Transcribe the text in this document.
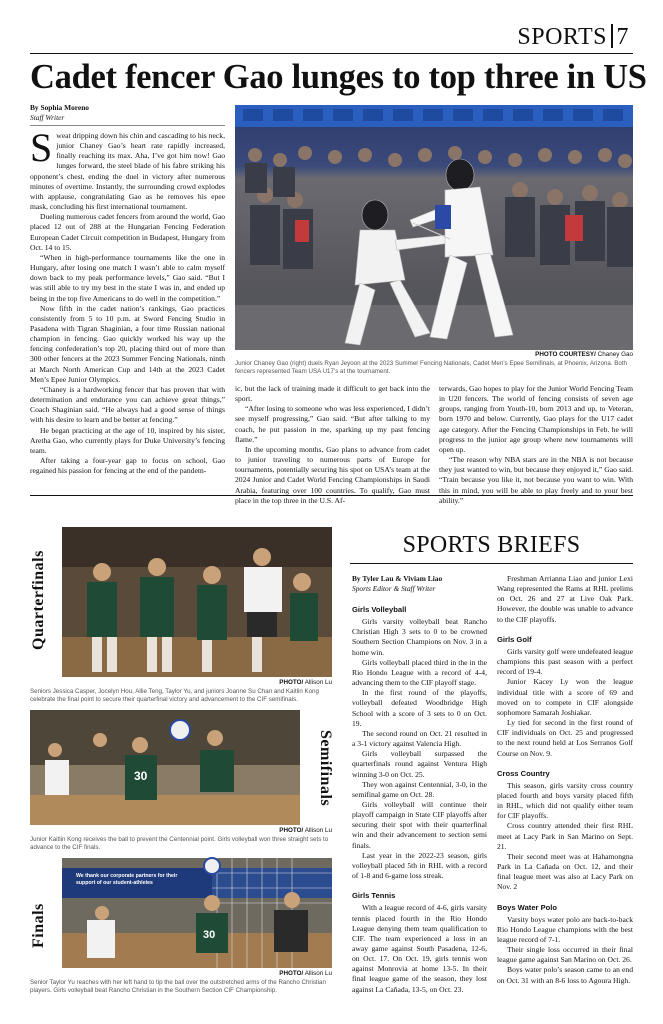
SPORTS 7
Cadet fencer Gao lunges to top three in US
By Sophia Moreno
Staff Writer

Sweat dripping down his chin and cascading to his neck, junior Chaney Gao’s heart rate rapidly increased, finally reaching its max. Aha, I’ve got him now! Gao lunges forward, the steel blade of his fabre striking his opponent’s chest, ending the duel in victory after numerous minutes of overtime. Instantly, the surrounding crowd explodes with applause, congratulating Gao as he removes his epee mask, concluding his first international tournament.

Dueling numerous cadet fencers from around the world, Gao placed 12 out of 288 at the Hungarian Fencing Federation European Cadet Circuit competition in Budapest, Hungary from Oct. 14 to 15.

“When in high-performance tournaments like the one in Hungary, after losing one match I wasn’t able to calm myself down back to my peak performance levels,” Gao said. “But I was still able to try my best in the state I was in, and ended up being in the top five Americans to do well in the competition.”

Now fifth in the cadet nation’s rankings, Gao practices consistently from 5 to 10 p.m. at Sword Fencing Studio in Pasadena with Tigran Shaginian, a four time Russian national champion in fencing. Gao quickly worked his way up the fencing confederation’s top 20, placing third out of more than 300 other fencers at the 2023 Summer Fencing Nationals, ninth at March North American Cup and 14th at the 2023 Cadet Men’s Epee Junior Olympics.

“Chaney is a hardworking fencer that has proven that with determination and endurance you can achieve great things,” Coach Shaginian said. “He always had a good sense of things with his desire to learn and be better at fencing.”

He began practicing at the age of 10, inspired by his sister, Aretha Gao, who currently plays for Duke University’s fencing team.

After taking a four-year gap to focus on school, Gao regained his passion for fencing at the end of the pandem-

PHOTO COURTESY/ Chaney Gao
Junior Chaney Gao (right) duels Ryan Jeyoon at the 2023 Summer Fencing Nationals, Cadet Men’s Epee Semifinals, at Phoenix, Arizona. Both fencers represented Team USA U17’s at the tournament.

ic, but the lack of training made it difficult to get back into the sport.

“After losing to someone who was less experienced, I didn’t see myself progressing,” Gao said. “But after talking to my coach, he put passion in me, sparking up my past fencing flame.”

In the upcoming months, Gao plans to advance from cadet to junior traveling to numerous parts of Europe for tournaments, potentially securing his spot on USA’s team at the 2024 Junior and Cadet World Fencing Championships in Saudi Arabia, featuring over 100 countries. To qualify, Gao must place in the top three in the U.S. Af-

terwards, Gao hopes to play for the Junior World Fencing Team in U20 fencers. The world of fencing consists of seven age groups, ranging from Youth-10, born 2013 and up, to Veteran, born 1970 and below. Currently, Gao plays for the U17 cadet age category. After the Fencing Championships in Feb. he will progress to the junior age group where new tournaments will open up.

“The reason why NBA stars are in the NBA is not because they just wanted to win, but because they enjoyed it,” Gao said. “Train because you like it, not because you want to win. With this in mind, you will be able to play freely and to your best ability.”

Quarterfinals
PHOTO/ Allison Lu
Seniors Jessica Casper, Jocelyn Hou, Allie Teng, Taylor Yu, and juniors Joanne Su Chan and Kaitlin Kong celebrate the final point to secure their quarterfinal victory and advancement to the CIF semifinals.
30	Semifinals
PHOTO/ Allison Lu
Junior Kaitlin Kong receives the ball to prevent the Centennial point. Girls volleyball won three straight sets to advance to the CIF finals.
Finals	30
We thank our corporate partners for their support of our student-athletes
PHOTO/ Allison Lu
Senior Taylor Yu reaches with her left hand to tip the ball over the outstretched arms of the Rancho Christian players. Girls volleyball beat Rancho Christian in the Southern Section CIF Championship.
SPORTS BRIEFS
By Tyler Lau & Viviam Liao
Sports Editor & Staff Writer
Girls Volleyball

Girls varsity volleyball beat Rancho Christian High 3 sets to 0 to be crowned Southern Section Champions on Nov. 3 in a home win.

Girls volleyball placed third in the in the Rio Hondo League with a record of 4-4, advancing them to the CIF playoff stage.

In the first round of the playoffs, volleyball defeated Woodbridge High School with a score of 3 sets to 0 on Oct. 19.

The second round on Oct. 21 resulted in a 3-1 victory against Valencia High.

Girls volleyball surpassed the quarterfinals round against Ventura High winning 3-0 on Oct. 25.

They won against Centennial, 3-0, in the semifinal game on Oct. 28.

Girls volleyball will continue their playoff campaign in State CIF playoffs after securing their spot with their quarterfinal win and their advancement to section semi finals.

Last year in the 2022-23 season, girls volleyball placed 5th in RHL with a record of 1-8 and 6-game loss streak.

Girls Tennis

With a league record of 4-6, girls varsity tennis placed fourth in the Rio Hondo League denying them team qualification to CIF. The team experienced a loss in an away game against South Pasadena, 12-6, on Oct. 17. On Oct. 19, girls tennis won against Monrovia at home 13-5. In their final league game of the season, they lost against La Cañada, 13-5, on Oct. 23.

Freshman Arrianna Liao and junior Lexi Wang represented the Rams at RHL prelims on Oct. 26 and 27 at Live Oak Park. However, the double was unable to advance to the CIF playoffs.

Girls Golf

Girls varsity golf were undefeated league champions this past season with a perfect record of 19-4.

Junior Kacey Ly won the league individual title with a score of 69 and moved on to compete in CIF alongside sophomore Samarah Joshiakar.

Ly tied for second in the first round of CIF individuals on Oct. 25 and progressed to the next round held at Los Serranos Golf Course on Nov. 9.

Cross Country

This season, girls varsity cross country placed fourth and boys varsity placed fifth in RHL, which did not qualify either team for CIF playoffs.

Cross country attended their first RHL meet at Lacy Park in San Marino on Sept. 21.

Their second meet was at Hahamongna Park in La Cañada on Oct. 12, and their final league meet was also at Lacy Park on Nov. 2

Boys Water Polo

Varsity boys water polo are back-to-back Rio Hondo League champions with the best league record of 7-1.

Their single loss occurred in their final league game against San Marino on Oct. 26.

Boys water polo’s season came to an end on Oct. 31 with an 8-6 loss to Agoura High.
